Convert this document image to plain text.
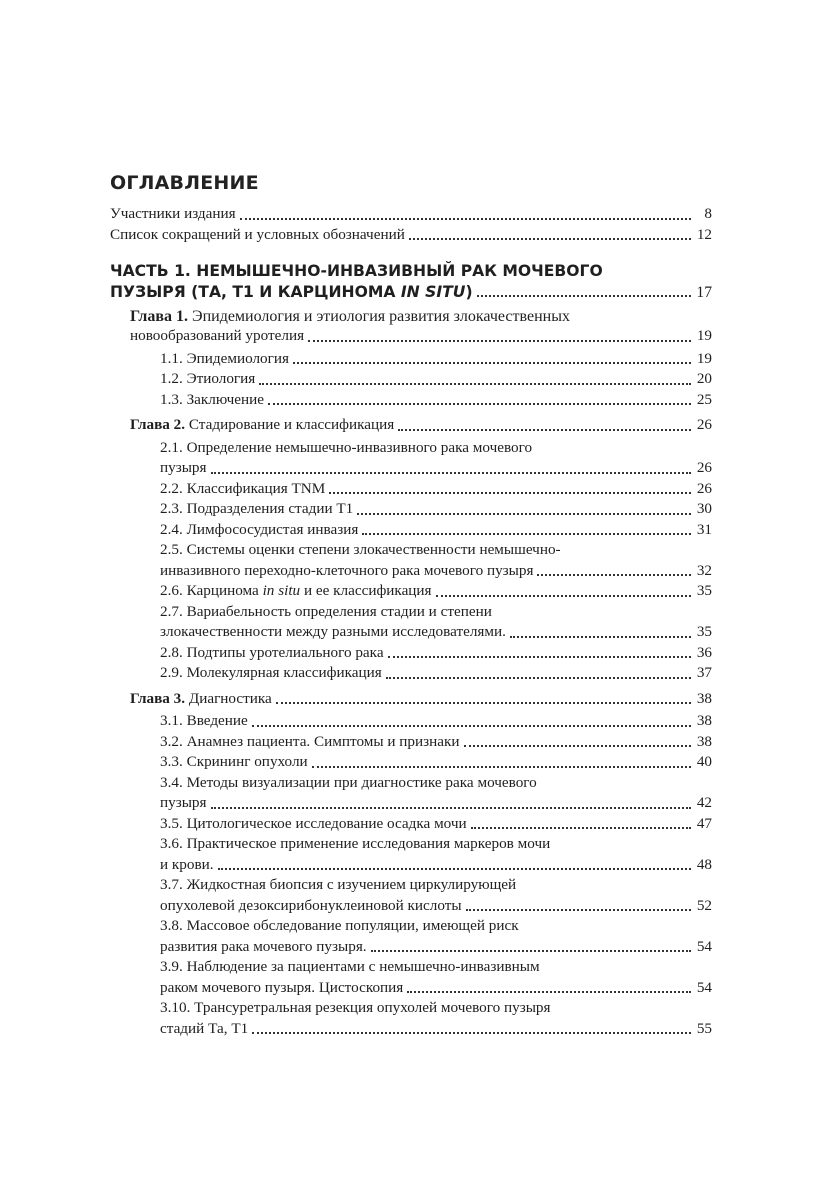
ОГЛАВЛЕНИЕ
Участники издания	8
Список сокращений и условных обозначений	12
ЧАСТЬ 1. НЕМЫШЕЧНО-ИНВАЗИВНЫЙ РАК МОЧЕВОГО
ПУЗЫРЯ (ТА, Т1 И КАРЦИНОМА IN SITU)	17
Глава 1. Эпидемиология и этиология развития злокачественных
новообразований уротелия	19
1.1. Эпидемиология	19
1.2. Этиология	20
1.3. Заключение	25
Глава 2. Стадирование и классификация	26
2.1. Определение немышечно-инвазивного рака мочевого
пузыря	26
2.2. Классификация TNM	26
2.3. Подразделения стадии Т1	30
2.4. Лимфососудистая инвазия	31
2.5. Системы оценки степени злокачественности немышечно-
инвазивного переходно-клеточного рака мочевого пузыря	32
2.6. Карцинома in situ и ее классификация	35
2.7. Вариабельность определения стадии и степени
злокачественности между разными исследователями.	35
2.8. Подтипы уротелиального рака	36
2.9. Молекулярная классификация	37
Глава 3. Диагностика	38
3.1. Введение	38
3.2. Анамнез пациента. Симптомы и признаки	38
3.3. Скрининг опухоли	40
3.4. Методы визуализации при диагностике рака мочевого
пузыря	42
3.5. Цитологическое исследование осадка мочи	47
3.6. Практическое применение исследования маркеров мочи
и крови.	48
3.7. Жидкостная биопсия с изучением циркулирующей
опухолевой дезоксирибонуклеиновой кислоты	52
3.8. Массовое обследование популяции, имеющей риск
развития рака мочевого пузыря.	54
3.9. Наблюдение за пациентами с немышечно-инвазивным
раком мочевого пузыря. Цистоскопия	54
3.10. Трансуретральная резекция опухолей мочевого пузыря
стадий Та, Т1	55
